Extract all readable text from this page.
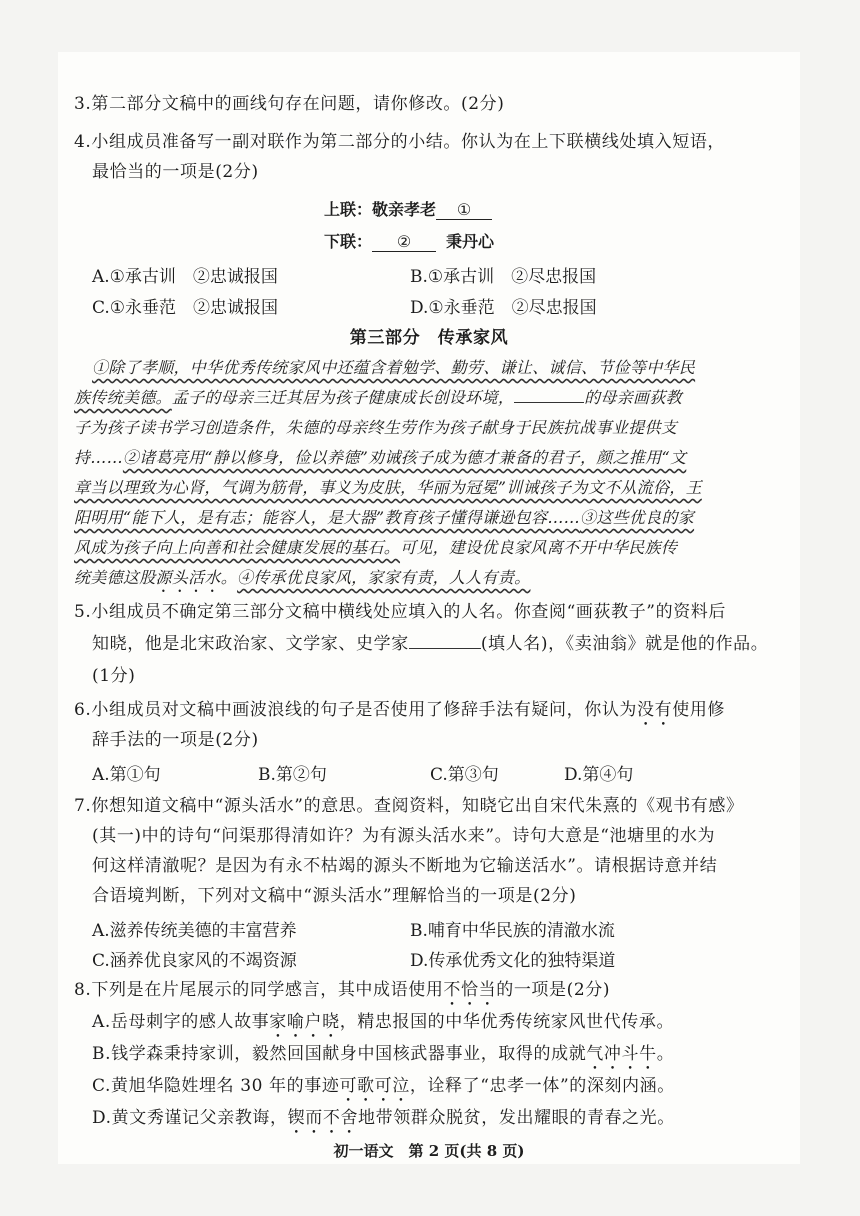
3.第二部分文稿中的画线句存在问题，请你修改。(2分)
4.小组成员准备写一副对联作为第二部分的小结。你认为在上下联横线处填入短语，
最恰当的一项是(2分)
上联：敬亲孝老 ①
下联： ② 秉丹心
A.①承古训　②忠诚报国	B.①承古训　②尽忠报国
C.①永垂范　②忠诚报国	D.①永垂范　②尽忠报国
第三部分　传承家风
①除了孝顺，中华优秀传统家风中还蕴含着勉学、勤劳、谦让、诚信、节俭等中华民
族传统美德。孟子的母亲三迁其居为孩子健康成长创设环境，	的母亲画荻教
子为孩子读书学习创造条件，朱德的母亲终生劳作为孩子献身于民族抗战事业提供支
持……②诸葛亮用“静以修身，俭以养德”劝诫孩子成为德才兼备的君子，颜之推用“文
章当以理致为心肾，气调为筋骨，事义为皮肤，华丽为冠冕”训诫孩子为文不从流俗，王
阳明用“能下人，是有志；能容人，是大器”教育孩子懂得谦逊包容……③这些优良的家
风成为孩子向上向善和社会健康发展的基石。可见，建设优良家风离不开中华民族传
统美德这股源头活水。④传承优良家风，家家有责，人人有责。
5.小组成员不确定第三部分文稿中横线处应填入的人名。你查阅“画荻教子”的资料后
知晓，他是北宋政治家、文学家、史学家	(填人名)，《卖油翁》就是他的作品。
(1分)
6.小组成员对文稿中画波浪线的句子是否使用了修辞手法有疑问，你认为没有使用修
辞手法的一项是(2分)
A.第①句	B.第②句	C.第③句	D.第④句
7.你想知道文稿中“源头活水”的意思。查阅资料，知晓它出自宋代朱熹的《观书有感》
(其一)中的诗句“问渠那得清如许？为有源头活水来”。诗句大意是“池塘里的水为
何这样清澈呢？是因为有永不枯竭的源头不断地为它输送活水”。请根据诗意并结
合语境判断，下列对文稿中“源头活水”理解恰当的一项是(2分)
A.滋养传统美德的丰富营养	B.哺育中华民族的清澈水流
C.涵养优良家风的不竭资源	D.传承优秀文化的独特渠道
8.下列是在片尾展示的同学感言，其中成语使用不恰当的一项是(2分)
A.岳母刺字的感人故事家喻户晓，精忠报国的中华优秀传统家风世代传承。
B.钱学森秉持家训，毅然回国献身中国核武器事业，取得的成就气冲斗牛。
C.黄旭华隐姓埋名 30 年的事迹可歌可泣，诠释了“忠孝一体”的深刻内涵。
D.黄文秀谨记父亲教诲，锲而不舍地带领群众脱贫，发出耀眼的青春之光。
初一语文　第 2 页(共 8 页)
